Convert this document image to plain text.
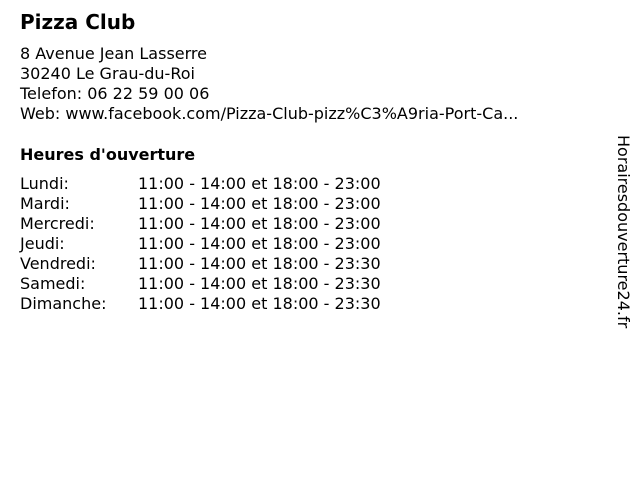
Pizza Club
8 Avenue Jean Lasserre
30240 Le Grau-du-Roi
Telefon: 06 22 59 00 06
Web: www.facebook.com/Pizza-Club-pizz%C3%A9ria-Port-Ca...
Heures d'ouverture
Lundi:	11:00 - 14:00 et 18:00 - 23:00
Mardi:	11:00 - 14:00 et 18:00 - 23:00
Mercredi:	11:00 - 14:00 et 18:00 - 23:00
Jeudi:	11:00 - 14:00 et 18:00 - 23:00
Vendredi:	11:00 - 14:00 et 18:00 - 23:30
Samedi:	11:00 - 14:00 et 18:00 - 23:30
Dimanche: 11:00 - 14:00 et 18:00 - 23:30	Horairesdouverture24.fr
